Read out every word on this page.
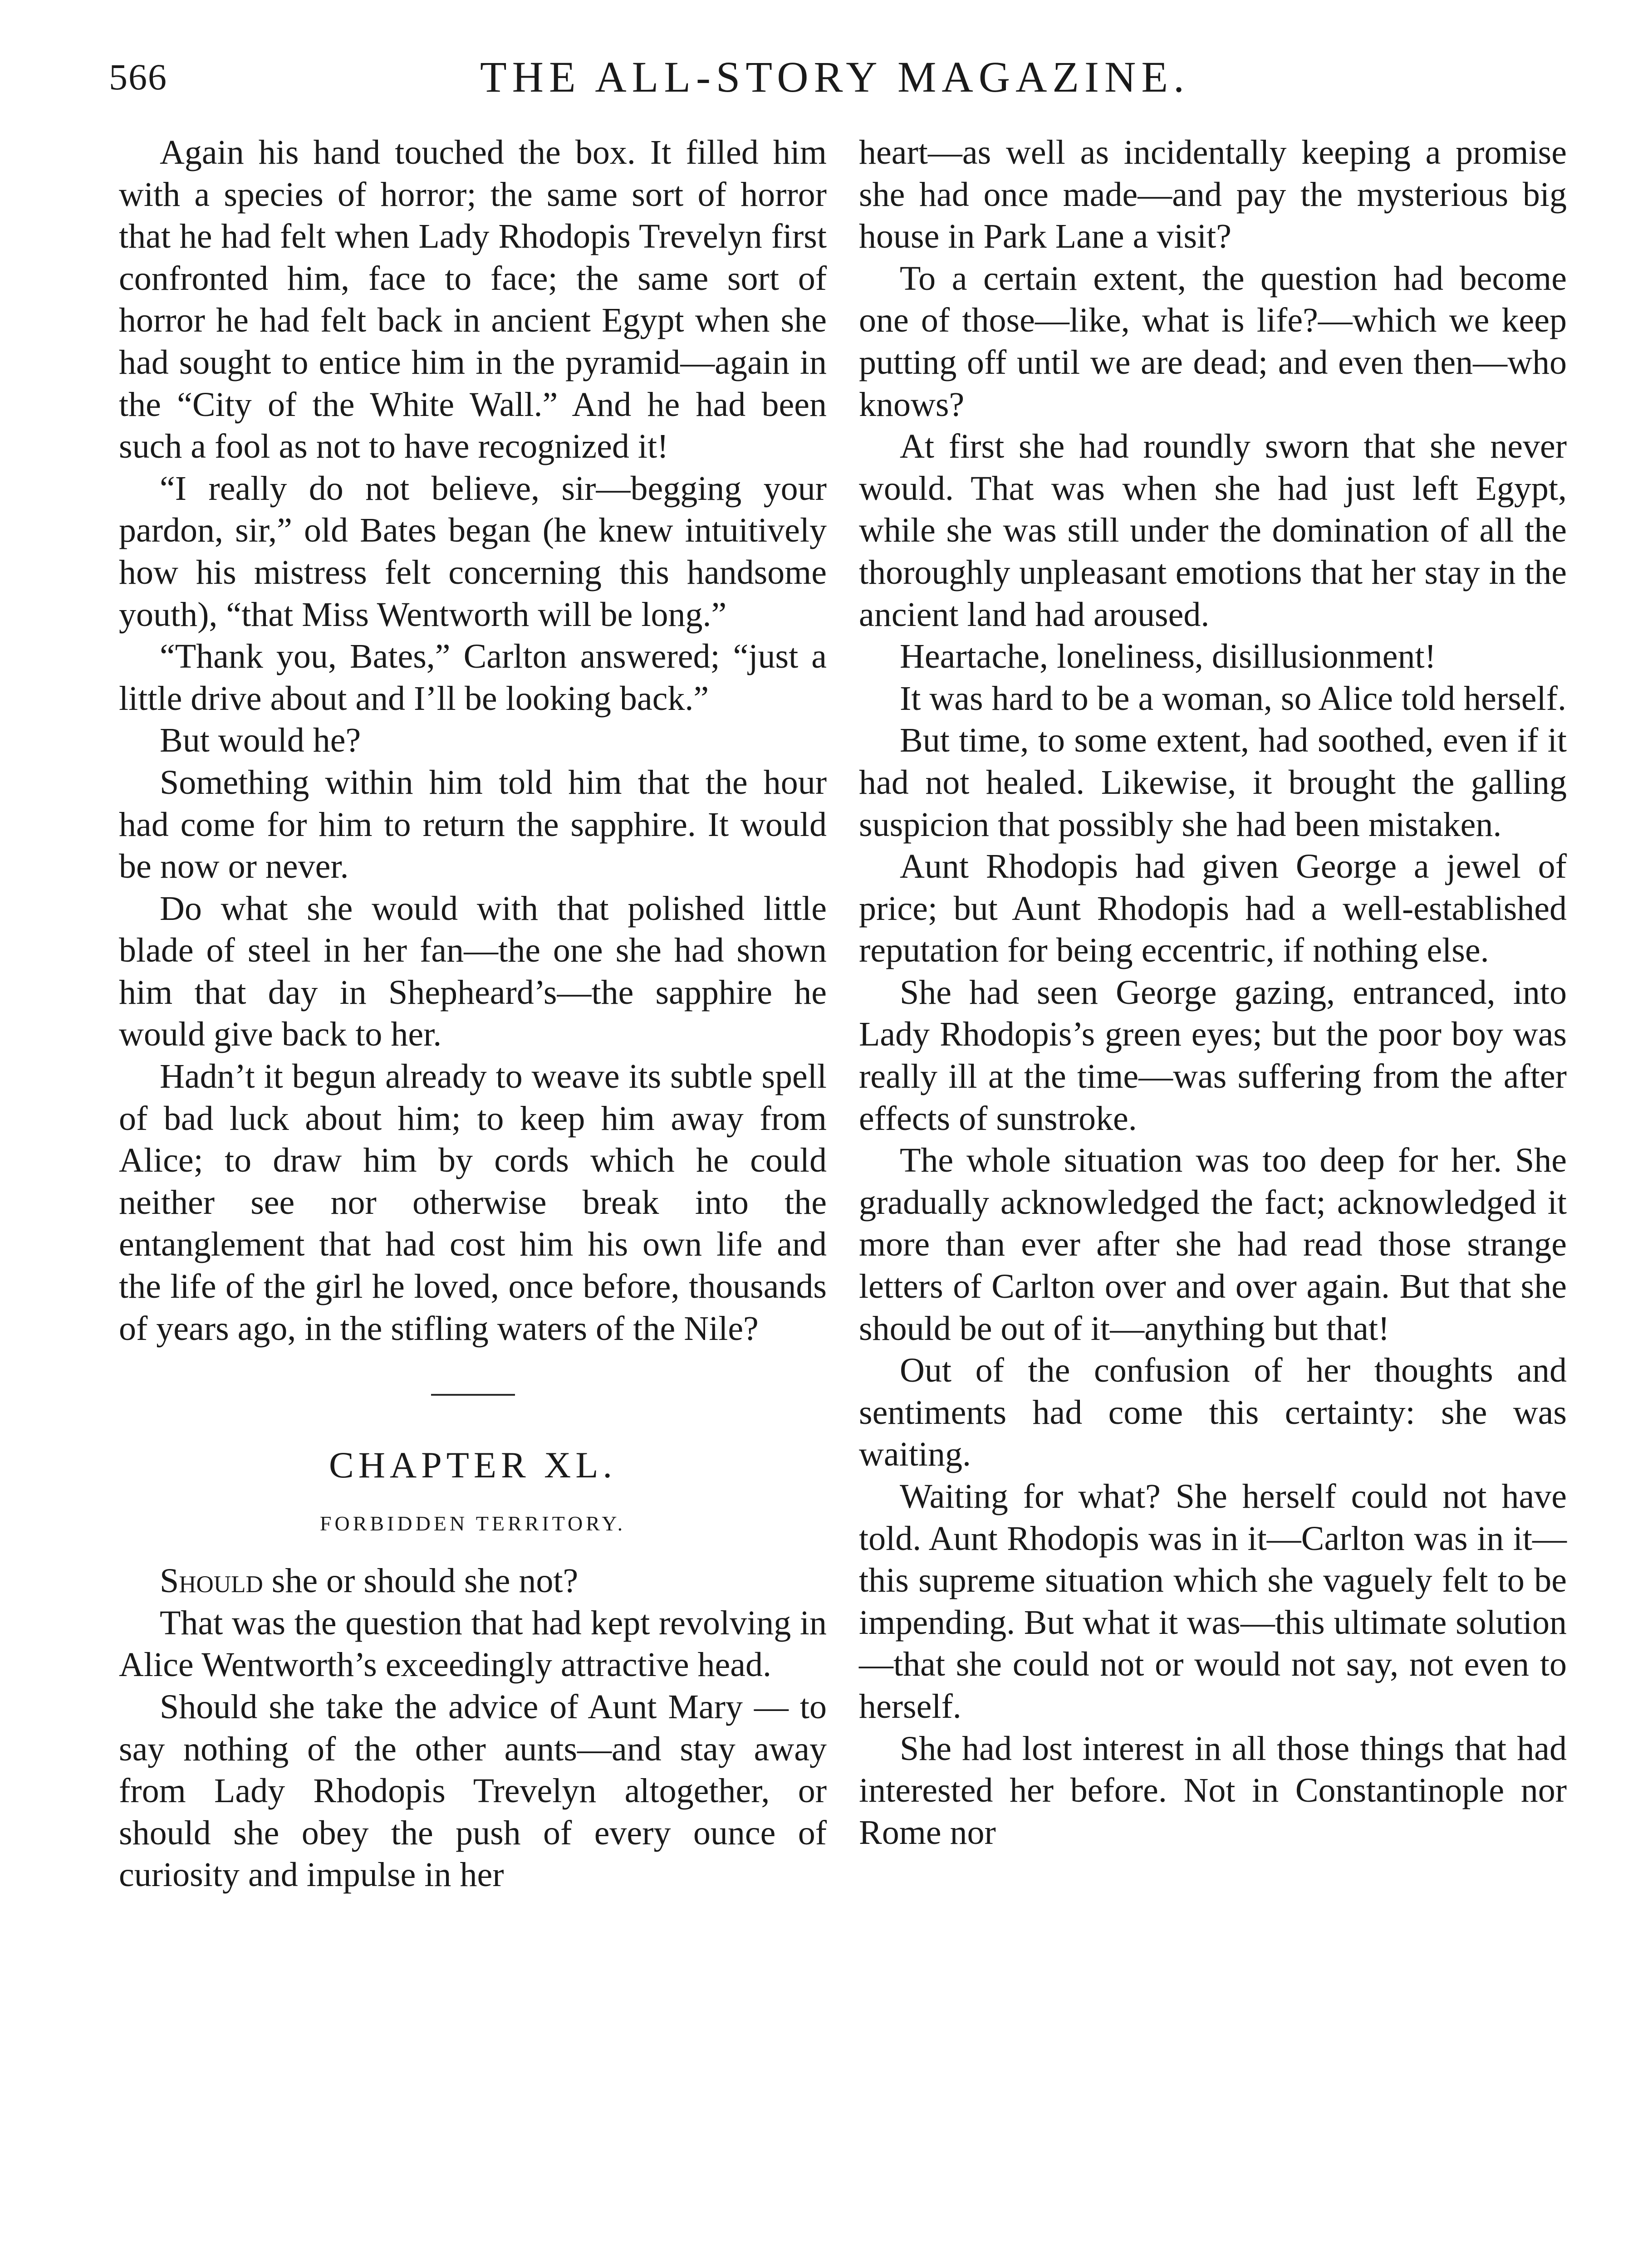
566	THE ALL-STORY MAGAZINE.

Again his hand touched the box. It filled him with a species of horror; the same sort of horror that he had felt when Lady Rhodopis Trevelyn first confronted him, face to face; the same sort of horror he had felt back in ancient Egypt when she had sought to entice him in the pyramid—again in the “City of the White Wall.” And he had been such a fool as not to have recognized it!

“I really do not believe, sir—begging your pardon, sir,” old Bates began (he knew intuitively how his mistress felt concerning this handsome youth), “that Miss Wentworth will be long.”

“Thank you, Bates,” Carlton answered; “just a little drive about and I’ll be looking back.”

But would he?

Something within him told him that the hour had come for him to return the sapphire. It would be now or never.

Do what she would with that polished little blade of steel in her fan—the one she had shown him that day in Shepheard’s—the sapphire he would give back to her.

Hadn’t it begun already to weave its subtle spell of bad luck about him; to keep him away from Alice; to draw him by cords which he could neither see nor otherwise break into the entanglement that had cost him his own life and the life of the girl he loved, once before, thousands of years ago, in the stifling waters of the Nile?

CHAPTER XL.
FORBIDDEN TERRITORY.

Should she or should she not?

That was the question that had kept revolving in Alice Wentworth’s exceedingly attractive head.

Should she take the advice of Aunt Mary — to say nothing of the other aunts—and stay away from Lady Rhodopis Trevelyn altogether, or should she obey the push of every ounce of curiosity and impulse in her

heart—as well as incidentally keeping a promise she had once made—and pay the mysterious big house in Park Lane a visit?

To a certain extent, the question had become one of those—like, what is life?—which we keep putting off until we are dead; and even then—who knows?

At first she had roundly sworn that she never would. That was when she had just left Egypt, while she was still under the domination of all the thoroughly unpleasant emotions that her stay in the ancient land had aroused.

Heartache, loneliness, disillusionment!

It was hard to be a woman, so Alice told herself.

But time, to some extent, had soothed, even if it had not healed. Likewise, it brought the galling suspicion that possibly she had been mistaken.

Aunt Rhodopis had given George a jewel of price; but Aunt Rhodopis had a well-established reputation for being eccentric, if nothing else.

She had seen George gazing, entranced, into Lady Rhodopis’s green eyes; but the poor boy was really ill at the time—was suffering from the after effects of sunstroke.

The whole situation was too deep for her. She gradually acknowledged the fact; acknowledged it more than ever after she had read those strange letters of Carlton over and over again. But that she should be out of it—anything but that!

Out of the confusion of her thoughts and sentiments had come this certainty: she was waiting.

Waiting for what? She herself could not have told. Aunt Rhodopis was in it—Carlton was in it—this supreme situation which she vaguely felt to be impending. But what it was—this ultimate solution—that she could not or would not say, not even to herself.

She had lost interest in all those things that had interested her before. Not in Constantinople nor Rome nor
